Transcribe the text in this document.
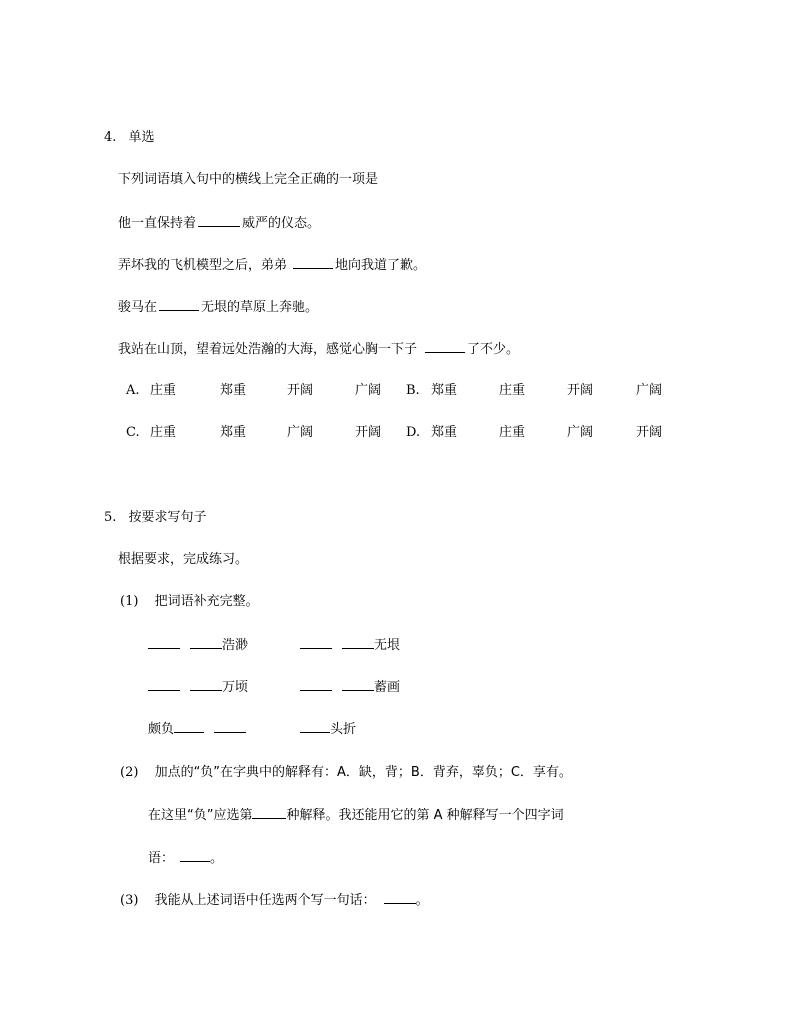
4. 单选
下列词语填入句中的横线上完全正确的一项是
他一直保持着	威严的仪态。
弄坏我的飞机模型之后，弟弟	地向我道了歉。
骏马在	无垠的草原上奔驰。
我站在山顶，望着远处浩瀚的大海，感觉心胸一下子	了不少。
A. 庄重	郑重	开阔	广阔 B. 郑重	庄重	开阔	广阔
C. 庄重	郑重	广阔	开阔 D. 郑重	庄重	广阔	开阔
5. 按要求写句子
根据要求，完成练习。
(1) 把词语补充完整。
浩渺	无垠
万顷	蓄画
颇负	头折
(2) 加点的“负”在字典中的解释有：A．缺，背；B．背弃，辜负；C．享有。
在这里“负”应选第	种解释。我还能用它的第 A 种解释写一个四字词
语：	。
(3) 我能从上述词语中任选两个写一句话：	。
